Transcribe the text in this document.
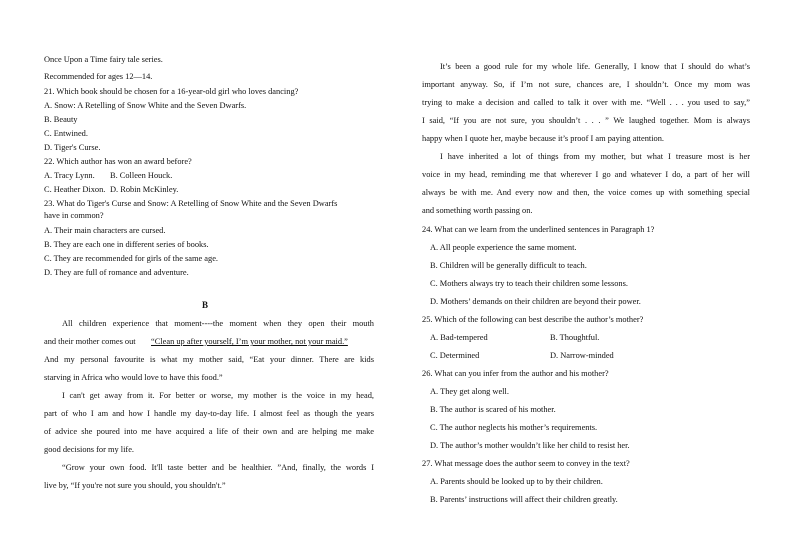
Once Upon a Time fairy tale series.
Recommended for ages 12—14.
21. Which book should be chosen for a 16-year-old girl who loves dancing?
A. Snow: A Retelling of Snow White and the Seven Dwarfs.
B. Beauty
C. Entwined.
D. Tiger's Curse.
22. Which author has won an award before?
A. Tracy Lynn. B. Colleen Houck.
C. Heather Dixon. D. Robin McKinley.
23. What do Tiger's Curse and Snow: A Retelling of Snow White and the Seven Dwarfs
have in common?
A. Their main characters are cursed.
B. They are each one in different series of books.
C. They are recommended for girls of the same age.
D. They are full of romance and adventure.
B
All children experience that moment----the moment when they open their mouth
and their mother comes out “Clean up after yourself, I’m your mother, not your maid.”
And my personal favourite is what my mother said, “Eat your dinner. There are kids
starving in Africa who would love to have this food.”
I can't get away from it. For better or worse, my mother is the voice in my head,
part of who I am and how I handle my day-to-day life. I almost feel as though the years
of advice she poured into me have acquired a life of their own and are helping me make
good decisions for my life.
“Grow your own food. It'll taste better and be healthier. ”And, finally, the words I
live by, “If you're not sure you should, you shouldn't.”
It’s been a good rule for my whole life. Generally, I know that I should do what’s
important anyway. So, if I’m not sure, chances are, I shouldn’t. Once my mom was
trying to make a decision and called to talk it over with me. “Well . . . you used to say,”
I said, “If you are not sure, you shouldn’t . . . ” We laughed together. Mom is always
happy when I quote her, maybe because it’s proof I am paying attention.
I have inherited a lot of things from my mother, but what I treasure most is her
voice in my head, reminding me that wherever I go and whatever I do, a part of her will
always be with me. And every now and then, the voice comes up with something special
and something worth passing on.
24. What can we learn from the underlined sentences in Paragraph 1?
A. All people experience the same moment.
B. Children will be generally difficult to teach.
C. Mothers always try to teach their children some lessons.
D. Mothers’ demands on their children are beyond their power.
25. Which of the following can best describe the author’s mother?
A. Bad-tempered	B. Thoughtful.
C. Determined	D. Narrow-minded
26. What can you infer from the author and his mother?
A. They get along well.
B. The author is scared of his mother.
C. The author neglects his mother’s requirements.
D. The author’s mother wouldn’t like her child to resist her.
27. What message does the author seem to convey in the text?
A. Parents should be looked up to by their children.
B. Parents’ instructions will affect their children greatly.
